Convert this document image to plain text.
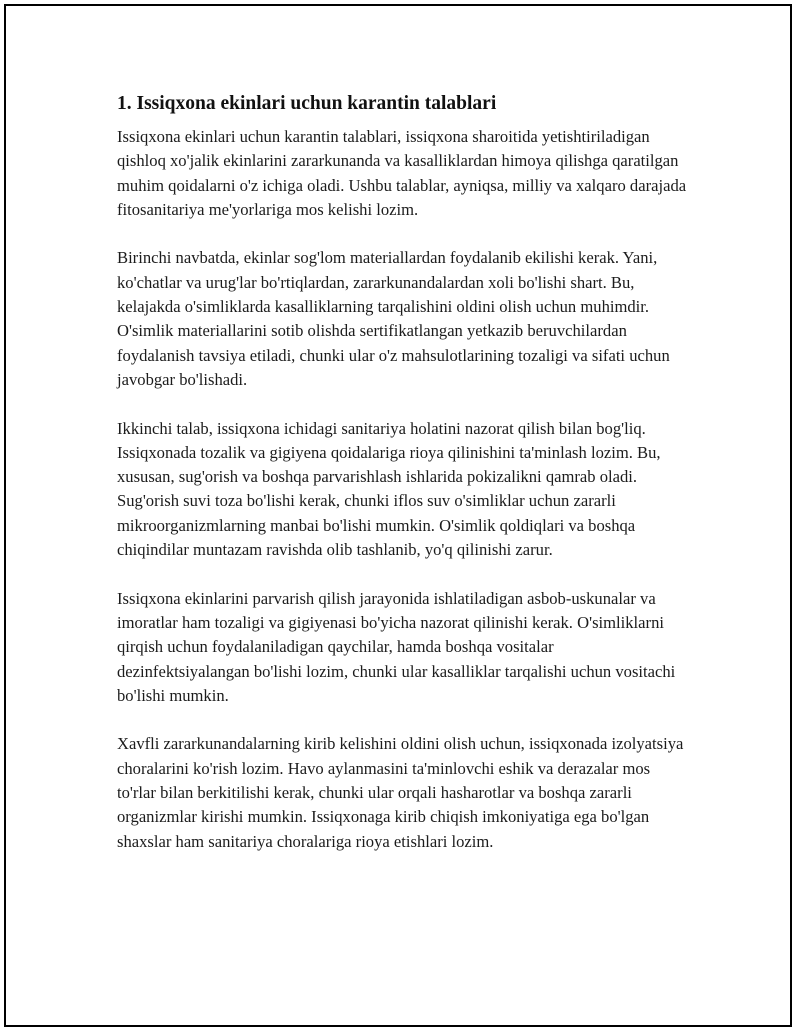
1. Issiqxona ekinlari uchun karantin talablari

Issiqxona ekinlari uchun karantin talablari, issiqxona sharoitida yetishtiriladigan qishloq xo'jalik ekinlarini zararkunanda va kasalliklardan himoya qilishga qaratilgan muhim qoidalarni o'z ichiga oladi. Ushbu talablar, ayniqsa, milliy va xalqaro darajada fitosanitariya me'yorlariga mos kelishi lozim.

Birinchi navbatda, ekinlar sog'lom materiallardan foydalanib ekilishi kerak. Yani, ko'chatlar va urug'lar bo'rtiqlardan, zararkunandalardan xoli bo'lishi shart. Bu, kelajakda o'simliklarda kasalliklarning tarqalishini oldini olish uchun muhimdir. O'simlik materiallarini sotib olishda sertifikatlangan yetkazib beruvchilardan foydalanish tavsiya etiladi, chunki ular o'z mahsulotlarining tozaligi va sifati uchun javobgar bo'lishadi.

Ikkinchi talab, issiqxona ichidagi sanitariya holatini nazorat qilish bilan bog'liq. Issiqxonada tozalik va gigiyena qoidalariga rioya qilinishini ta'minlash lozim. Bu, xususan, sug'orish va boshqa parvarishlash ishlarida pokizalikni qamrab oladi. Sug'orish suvi toza bo'lishi kerak, chunki iflos suv o'simliklar uchun zararli mikroorganizmlarning manbai bo'lishi mumkin. O'simlik qoldiqlari va boshqa chiqindilar muntazam ravishda olib tashlanib, yo'q qilinishi zarur.

Issiqxona ekinlarini parvarish qilish jarayonida ishlatiladigan asbob-uskunalar va imoratlar ham tozaligi va gigiyenasi bo'yicha nazorat qilinishi kerak. O'simliklarni qirqish uchun foydalaniladigan qaychilar, hamda boshqa vositalar dezinfektsiyalangan bo'lishi lozim, chunki ular kasalliklar tarqalishi uchun vositachi bo'lishi mumkin.

Xavfli zararkunandalarning kirib kelishini oldini olish uchun, issiqxonada izolyatsiya choralarini ko'rish lozim. Havo aylanmasini ta'minlovchi eshik va derazalar mos to'rlar bilan berkitilishi kerak, chunki ular orqali hasharotlar va boshqa zararli organizmlar kirishi mumkin. Issiqxonaga kirib chiqish imkoniyatiga ega bo'lgan shaxslar ham sanitariya choralariga rioya etishlari lozim.
